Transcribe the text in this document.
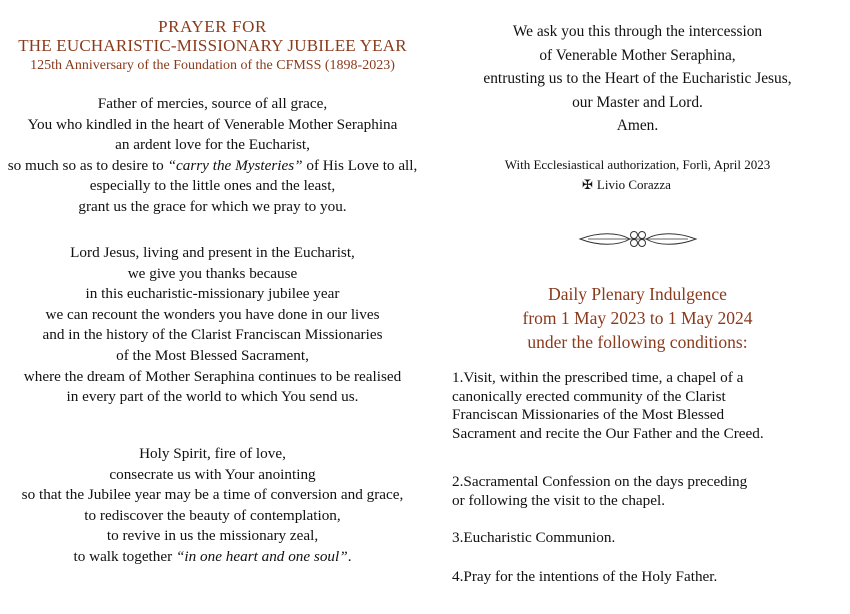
PRAYER FOR
THE EUCHARISTIC-MISSIONARY JUBILEE YEAR
125th Anniversary of the Foundation of the CFMSS (1898-2023)
Father of mercies, source of all grace,
You who kindled in the heart of Venerable Mother Seraphina
an ardent love for the Eucharist,
so much so as to desire to “carry the Mysteries” of His Love to all,
especially to the little ones and the least,
grant us the grace for which we pray to you.
Lord Jesus, living and present in the Eucharist,
we give you thanks because
in this eucharistic-missionary jubilee year
we can recount the wonders you have done in our lives
and in the history of the Clarist Franciscan Missionaries
of the Most Blessed Sacrament,
where the dream of Mother Seraphina continues to be realised
in every part of the world to which You send us.
Holy Spirit, fire of love,
consecrate us with Your anointing
so that the Jubilee year may be a time of conversion and grace,
to rediscover the beauty of contemplation,
to revive in us the missionary zeal,
to walk together “in one heart and one soul”.
We ask you this through the intercession
of Venerable Mother Seraphina,
entrusting us to the Heart of the Eucharistic Jesus,
our Master and Lord.
Amen.
With Ecclesiastical authorization, Forlì, April 2023
✠ Livio Corazza
Daily Plenary Indulgence
from 1 May 2023 to 1 May 2024
under the following conditions:
1.Visit, within the prescribed time, a chapel of a
canonically erected community of the Clarist
Franciscan Missionaries of the Most Blessed
Sacrament and recite the Our Father and the Creed.
2.Sacramental Confession on the days preceding
or following the visit to the chapel.
3.Eucharistic Communion.
4.Pray for the intentions of the Holy Father.
